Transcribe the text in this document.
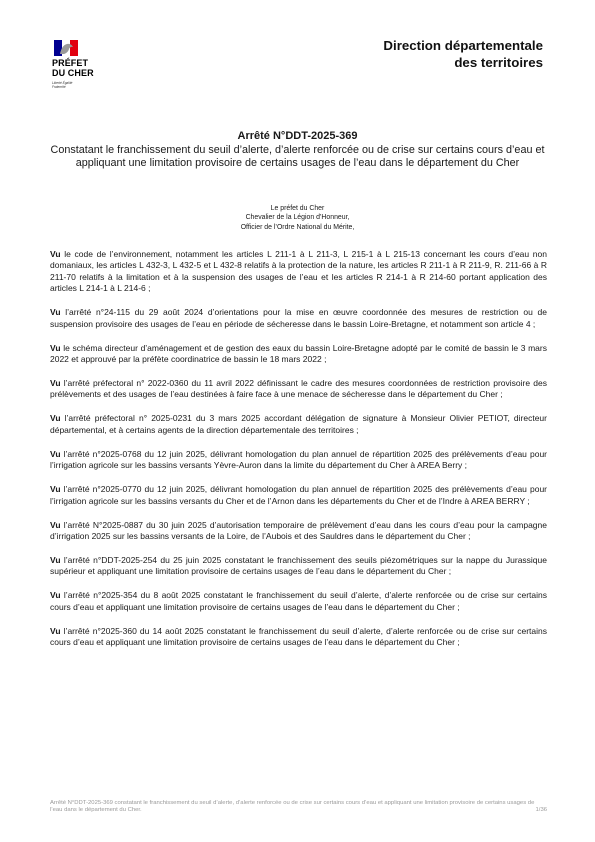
PRÉFET
DU CHER
Liberté Égalité Fraternité
Direction départementale
des territoires
Arrêté N°DDT-2025-369
Constatant le franchissement du seuil d’alerte, d’alerte renforcée ou de crise sur certains cours d’eau et appliquant une limitation provisoire de certains usages de l’eau dans le département du Cher
Le préfet du Cher
Chevalier de la Légion d’Honneur,
Officier de l’Ordre National du Mérite,

Vu le code de l’environnement, notamment les articles L 211-1 à L 211-3, L 215-1 à L 215-13 concernant les cours d’eau non domaniaux, les articles L 432-3, L 432-5 et L 432-8 relatifs à la protection de la nature, les articles R 211-1 à R 211-9, R. 211-66 à R 211-70 relatifs à la limitation et à la suspension des usages de l’eau et les articles R 214-1 à R 214-60 portant application des articles L 214-1 à L 214-6 ;

Vu l’arrêté n°24-115 du 29 août 2024 d’orientations pour la mise en œuvre coordonnée des mesures de restriction ou de suspension provisoire des usages de l’eau en période de sécheresse dans le bassin Loire-Bretagne, et notamment son article 4 ;

Vu le schéma directeur d’aménagement et de gestion des eaux du bassin Loire-Bretagne adopté par le comité de bassin le 3 mars 2022 et approuvé par la préfète coordinatrice de bassin le 18 mars 2022 ;

Vu l’arrêté préfectoral n° 2022-0360 du 11 avril 2022 définissant le cadre des mesures coordonnées de restriction provisoire des prélèvements et des usages de l’eau destinées à faire face à une menace de sécheresse dans le département du Cher ;

Vu l’arrêté préfectoral n° 2025-0231 du 3 mars 2025 accordant délégation de signature à Monsieur Olivier PETIOT, directeur départemental, et à certains agents de la direction départementale des territoires ;

Vu l’arrêté n°2025-0768 du 12 juin 2025, délivrant homologation du plan annuel de répartition 2025 des prélèvements d’eau pour l’irrigation agricole sur les bassins versants Yèvre-Auron dans la limite du département du Cher à AREA Berry ;

Vu l’arrêté n°2025-0770 du 12 juin 2025, délivrant homologation du plan annuel de répartition 2025 des prélèvements d’eau pour l’irrigation agricole sur les bassins versants du Cher et de l’Arnon dans les départements du Cher et de l’Indre à AREA BERRY ;

Vu l’arrêté N°2025-0887 du 30 juin 2025 d’autorisation temporaire de prélèvement d’eau dans les cours d’eau pour la campagne d’irrigation 2025 sur les bassins versants de la Loire, de l’Aubois et des Sauldres dans le département du Cher ;

Vu l’arrêté n°DDT-2025-254 du 25 juin 2025 constatant le franchissement des seuils piézométriques sur la nappe du Jurassique supérieur et appliquant une limitation provisoire de certains usages de l’eau dans le département du Cher ;

Vu l’arrêté n°2025-354 du 8 août 2025 constatant le franchissement du seuil d’alerte, d’alerte renforcée ou de crise sur certains cours d’eau et appliquant une limitation provisoire de certains usages de l’eau dans le département du Cher ;

Vu l’arrêté n°2025-360 du 14 août 2025 constatant le franchissement du seuil d’alerte, d’alerte renforcée ou de crise sur certains cours d’eau et appliquant une limitation provisoire de certains usages de l’eau dans le département du Cher ;

Arrêté N°DDT-2025-369 constatant le franchissement du seuil d’alerte, d’alerte renforcée ou de crise sur certains cours d’eau et appliquant une limitation provisoire de certains usages de l’eau dans le département du Cher.	1/36
